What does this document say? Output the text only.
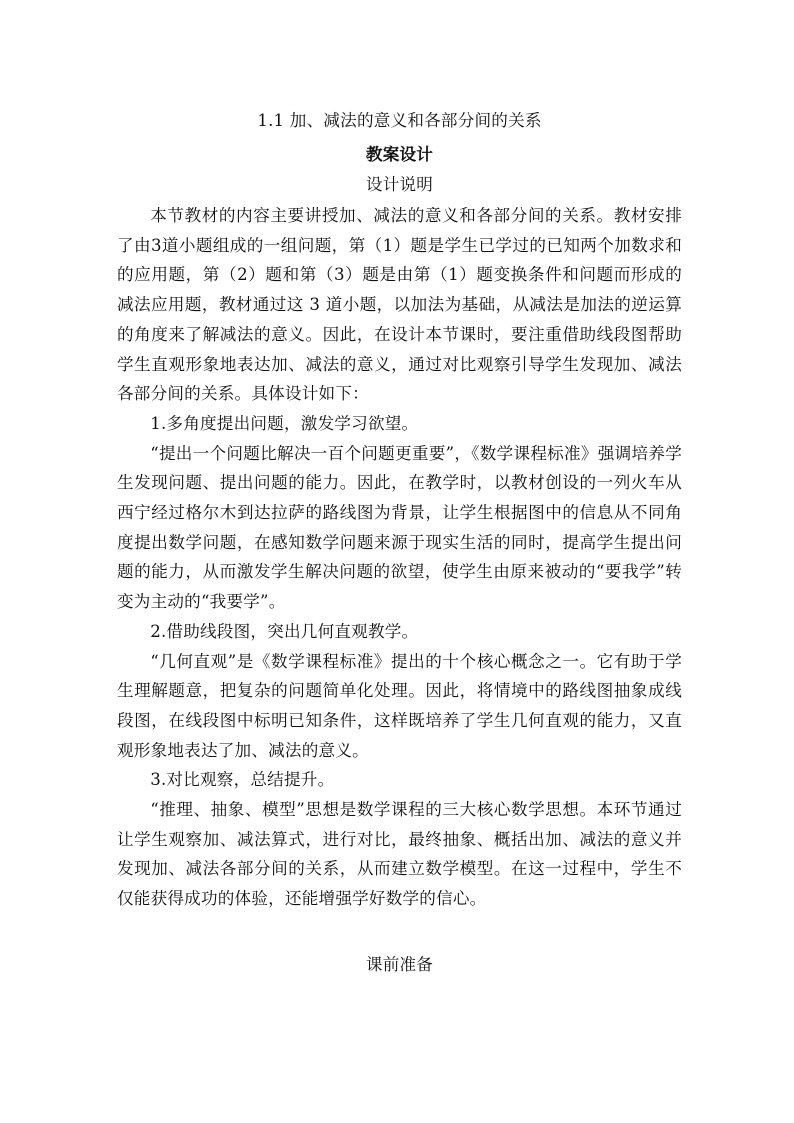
1.1 加、减法的意义和各部分间的关系
教案设计
设计说明

本节教材的内容主要讲授加、减法的意义和各部分间的关系。教材安排了由3道小题组成的一组问题，第（1）题是学生已学过的已知两个加数求和的应用题，第（2）题和第（3）题是由第（1）题变换条件和问题而形成的减法应用题，教材通过这 3 道小题，以加法为基础，从减法是加法的逆运算的角度来了解减法的意义。因此，在设计本节课时，要注重借助线段图帮助学生直观形象地表达加、减法的意义，通过对比观察引导学生发现加、减法各部分间的关系。具体设计如下：

1.多角度提出问题，激发学习欲望。

“提出一个问题比解决一百个问题更重要”，《数学课程标准》强调培养学生发现问题、提出问题的能力。因此，在教学时，以教材创设的一列火车从西宁经过格尔木到达拉萨的路线图为背景，让学生根据图中的信息从不同角度提出数学问题，在感知数学问题来源于现实生活的同时，提高学生提出问题的能力，从而激发学生解决问题的欲望，使学生由原来被动的“要我学”转变为主动的“我要学”。

2.借助线段图，突出几何直观教学。

“几何直观”是《数学课程标准》提出的十个核心概念之一。它有助于学生理解题意，把复杂的问题简单化处理。因此，将情境中的路线图抽象成线段图，在线段图中标明已知条件，这样既培养了学生几何直观的能力，又直观形象地表达了加、减法的意义。

3.对比观察，总结提升。

“推理、抽象、模型”思想是数学课程的三大核心数学思想。本环节通过让学生观察加、减法算式，进行对比，最终抽象、概括出加、减法的意义并发现加、减法各部分间的关系，从而建立数学模型。在这一过程中，学生不仅能获得成功的体验，还能增强学好数学的信心。

课前准备
